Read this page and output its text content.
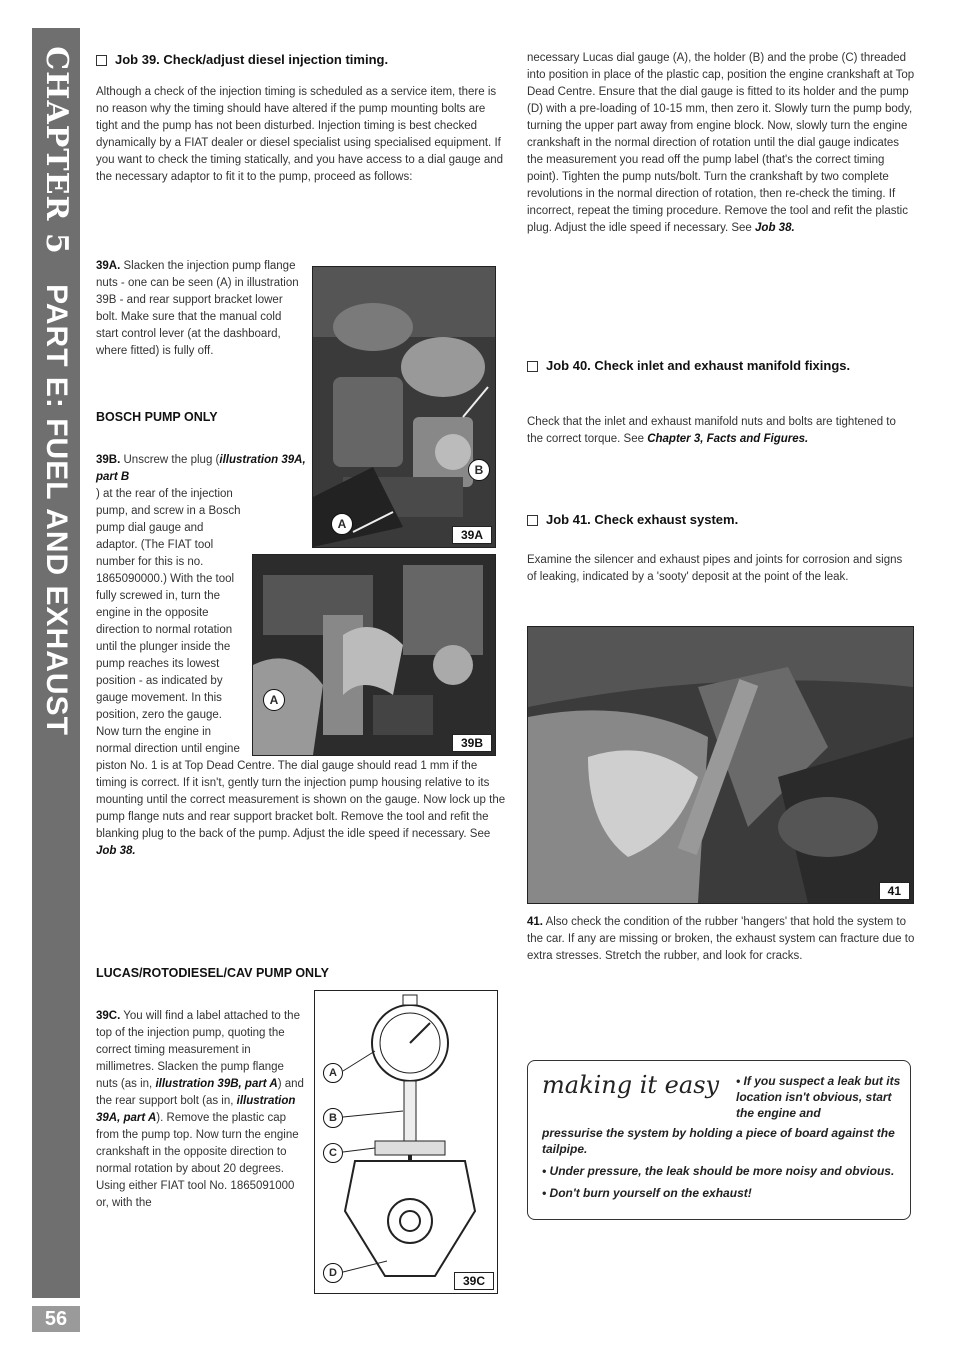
CHAPTER 5
PART E: FUEL AND EXHAUST
56
Job 39. Check/adjust diesel injection timing.

Although a check of the injection timing is scheduled as a service item, there is no reason why the timing should have altered if the pump mounting bolts are tight and the pump has not been disturbed. Injection timing is best checked dynamically by a FIAT dealer or diesel specialist using specialised equipment. If you want to check the timing statically, and you have access to a dial gauge and the necessary adaptor to fit it to the pump, proceed as follows:

39A. Slacken the injection pump flange nuts - one can be seen (A) in illustration 39B - and rear support bracket lower bolt. Make sure that the manual cold start control lever (at the dashboard, where fitted) is fully off.

B
A
39A
BOSCH PUMP ONLY

39B. Unscrew the plug (illustration 39A, part B

) at the rear of the injection pump, and screw in a Bosch pump dial gauge and adaptor. (The FIAT tool number for this is no. 1865090000.) With the tool fully screwed in, turn the engine in the opposite direction to normal rotation until the plunger inside the pump reaches its lowest position - as indicated by gauge movement. In this position, zero the gauge. Now turn the engine in normal direction until engine piston No. 1 is at Top Dead Centre. The dial gauge should read 1 mm if the timing is correct. If it isn't, gently turn the injection pump housing relative to its mounting until the correct measurement is shown on the gauge. Now lock up the pump flange nuts and rear support bracket bolt. Remove the tool and refit the blanking plug to the back of the pump. Adjust the idle speed if necessary. See Job 38.

A
39B
LUCAS/ROTODIESEL/CAV PUMP ONLY

39C. You will find a label attached to the top of the injection pump, quoting the correct timing measurement in millimetres. Slacken the pump flange nuts (as in, illustration 39B, part A) and the rear support bolt (as in, illustration 39A, part A). Remove the plastic cap from the pump top. Now turn the engine crankshaft in the opposite direction to normal rotation by about 20 degrees. Using either FIAT tool No. 1865091000 or, with the

A
B
C
D
39C

necessary Lucas dial gauge (A), the holder (B) and the probe (C) threaded into position in place of the plastic cap, position the engine crankshaft at Top Dead Centre. Ensure that the dial gauge is fitted to its holder and the pump (D) with a pre-loading of 10-15 mm, then zero it. Slowly turn the pump body, turning the upper part away from engine block. Now, slowly turn the engine crankshaft in the normal direction of rotation until the dial gauge indicates the measurement you read off the pump label (that's the correct timing point). Tighten the pump nuts/bolt. Turn the crankshaft by two complete revolutions in the normal direction of rotation, then re-check the timing. If incorrect, repeat the timing procedure. Remove the tool and refit the plastic plug. Adjust the idle speed if necessary. See Job 38.

Job 40. Check inlet and exhaust manifold fixings.

Check that the inlet and exhaust manifold nuts and bolts are tightened to the correct torque. See Chapter 3, Facts and Figures.

Job 41. Check exhaust system.

Examine the silencer and exhaust pipes and joints for corrosion and signs of leaking, indicated by a 'sooty' deposit at the point of the leak.

41

41. Also check the condition of the rubber 'hangers' that hold the system to the car. If any are missing or broken, the exhaust system can fracture due to extra stresses. Stretch the rubber, and look for cracks.

making it easy • If you suspect a leak but its location isn't obvious, start the engine and

pressurise the system by holding a piece of board against the tailpipe.

• Under pressure, the leak should be more noisy and obvious.

• Don't burn yourself on the exhaust!
